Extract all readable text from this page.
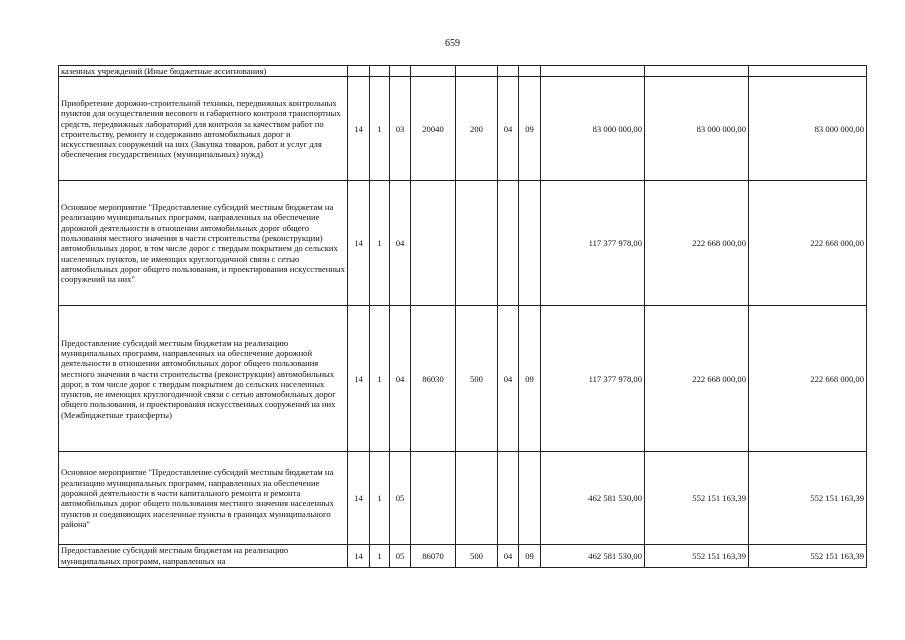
659
казенных учреждений (Иные бюджетные ассигнования)										
Приобретение дорожно-строительной техники, передвижных контрольных пунктов для осуществления весового и габаритного контроля транспортных средств, передвижных лабораторий для контроля за качеством работ по строительству, ремонту и содержанию автомобильных дорог и искусственных сооружений на них (Закупка товаров, работ и услуг для обеспечения государственных (муниципальных) нужд)	14	1	03	20040	200	04	09	83 000 000,00	83 000 000,00	83 000 000,00
Основное мероприятие "Предоставление субсидий местным бюджетам на реализацию муниципальных программ, направленных на обеспечение дорожной деятельности в отношении автомобильных дорог общего пользования местного значения в части строительства (реконструкции) автомобильных дорог, в том числе дорог с твердым покрытием до сельских населенных пунктов, не имеющих круглогодичной связи с сетью автомобильных дорог общего пользования, и проектирования искусственных сооружений на них"	14	1	04					117 377 978,00	222 668 000,00	222 668 000,00
Предоставление субсидий местным бюджетам на реализацию муниципальных программ, направленных на обеспечение дорожной деятельности в отношении автомобильных дорог общего пользования местного значения в части строительства (реконструкции) автомобильных дорог, в том числе дорог с твердым покрытием до сельских населенных пунктов, не имеющих круглогодичной связи с сетью автомобильных дорог общего пользования, и проектирования искусственных сооружений на них (Межбюджетные трансферты)	14	1	04	86030	500	04	09	117 377 978,00	222 668 000,00	222 668 000,00
Основное мероприятие "Предоставление субсидий местным бюджетам на реализацию муниципальных программ, направленных на обеспечение дорожной деятельности в части капитального ремонта и ремонта автомобильных дорог общего пользования местного значения населенных пунктов и соединяющих населенные пункты в границах муниципального района"	14	1	05					462 581 530,00	552 151 163,39	552 151 163,39
Предоставление субсидий местным бюджетам на реализацию муниципальных программ, направленных на	14	1	05	86070	500	04	09	462 581 530,00	552 151 163,39	552 151 163,39
